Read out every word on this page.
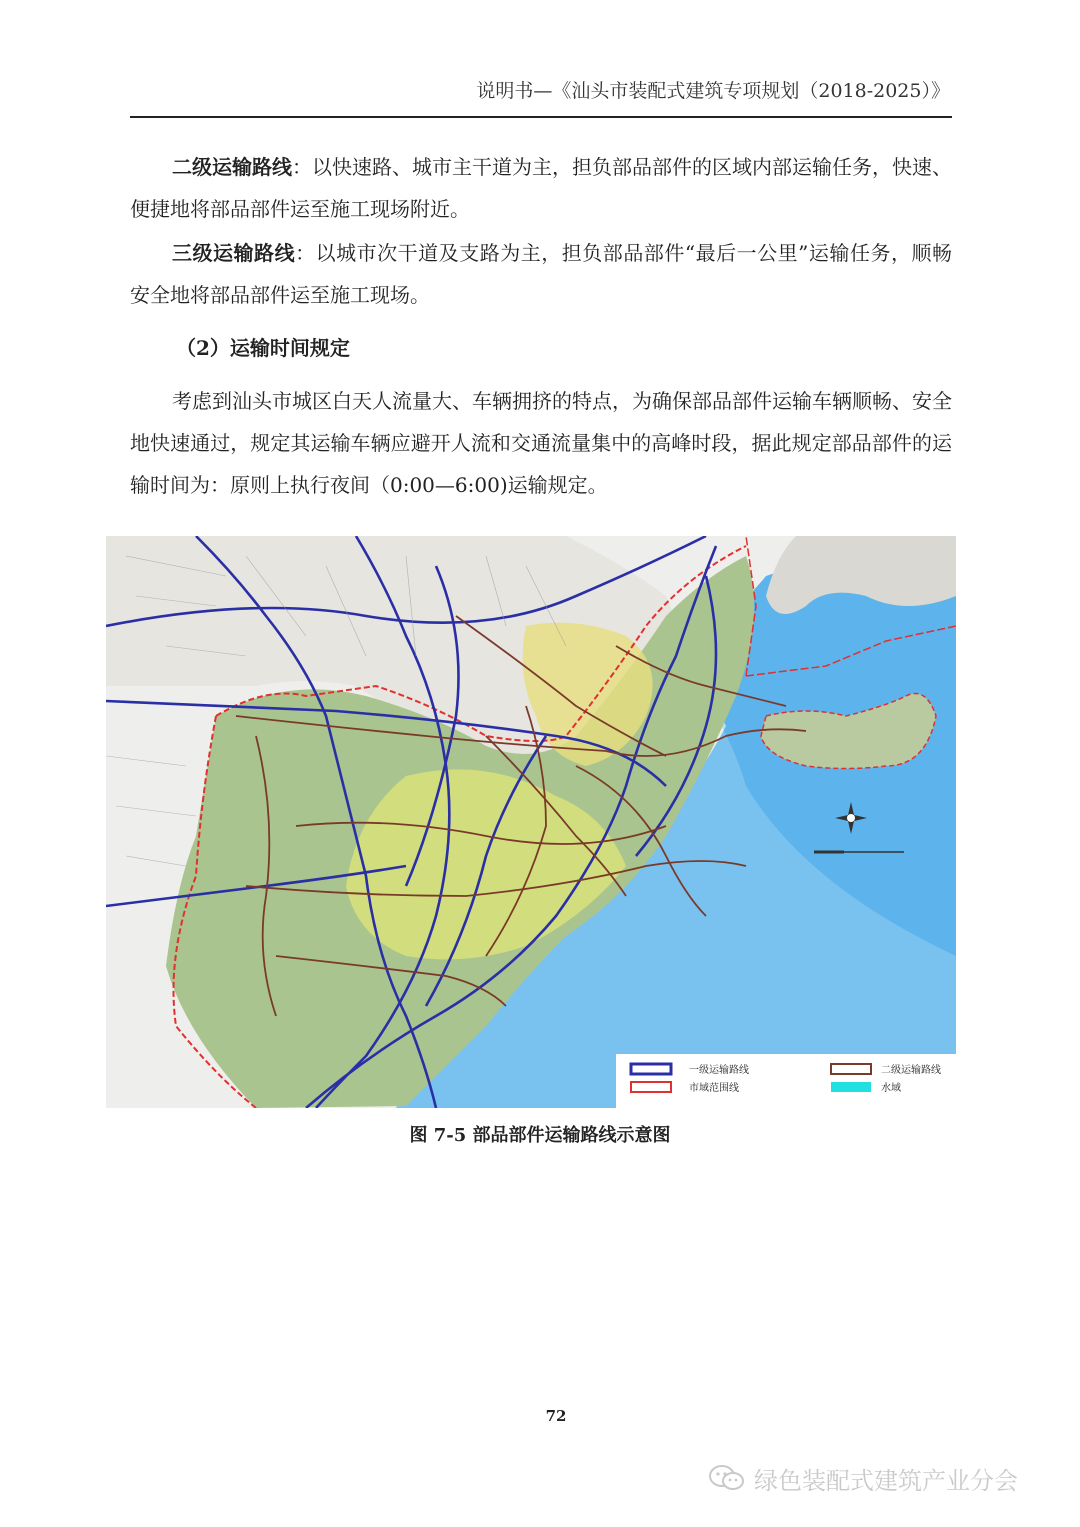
说明书—《汕头市装配式建筑专项规划（2018-2025）》
二级运输路线：以快速路、城市主干道为主，担负部品部件的区域内部运输任务，快速、便捷地将部品部件运至施工现场附近。
三级运输路线：以城市次干道及支路为主，担负部品部件“最后一公里”运输任务，顺畅安全地将部品部件运至施工现场。
（2）运输时间规定
考虑到汕头市城区白天人流量大、车辆拥挤的特点，为确保部品部件运输车辆顺畅、安全地快速通过，规定其运输车辆应避开人流和交通流量集中的高峰时段，据此规定部品部件的运输时间为：原则上执行夜间（0:00—6:00)运输规定。
一级运输路线
市域范围线
二级运输路线
水域
图 7-5 部品部件运输路线示意图
72
绿色装配式建筑产业分会
